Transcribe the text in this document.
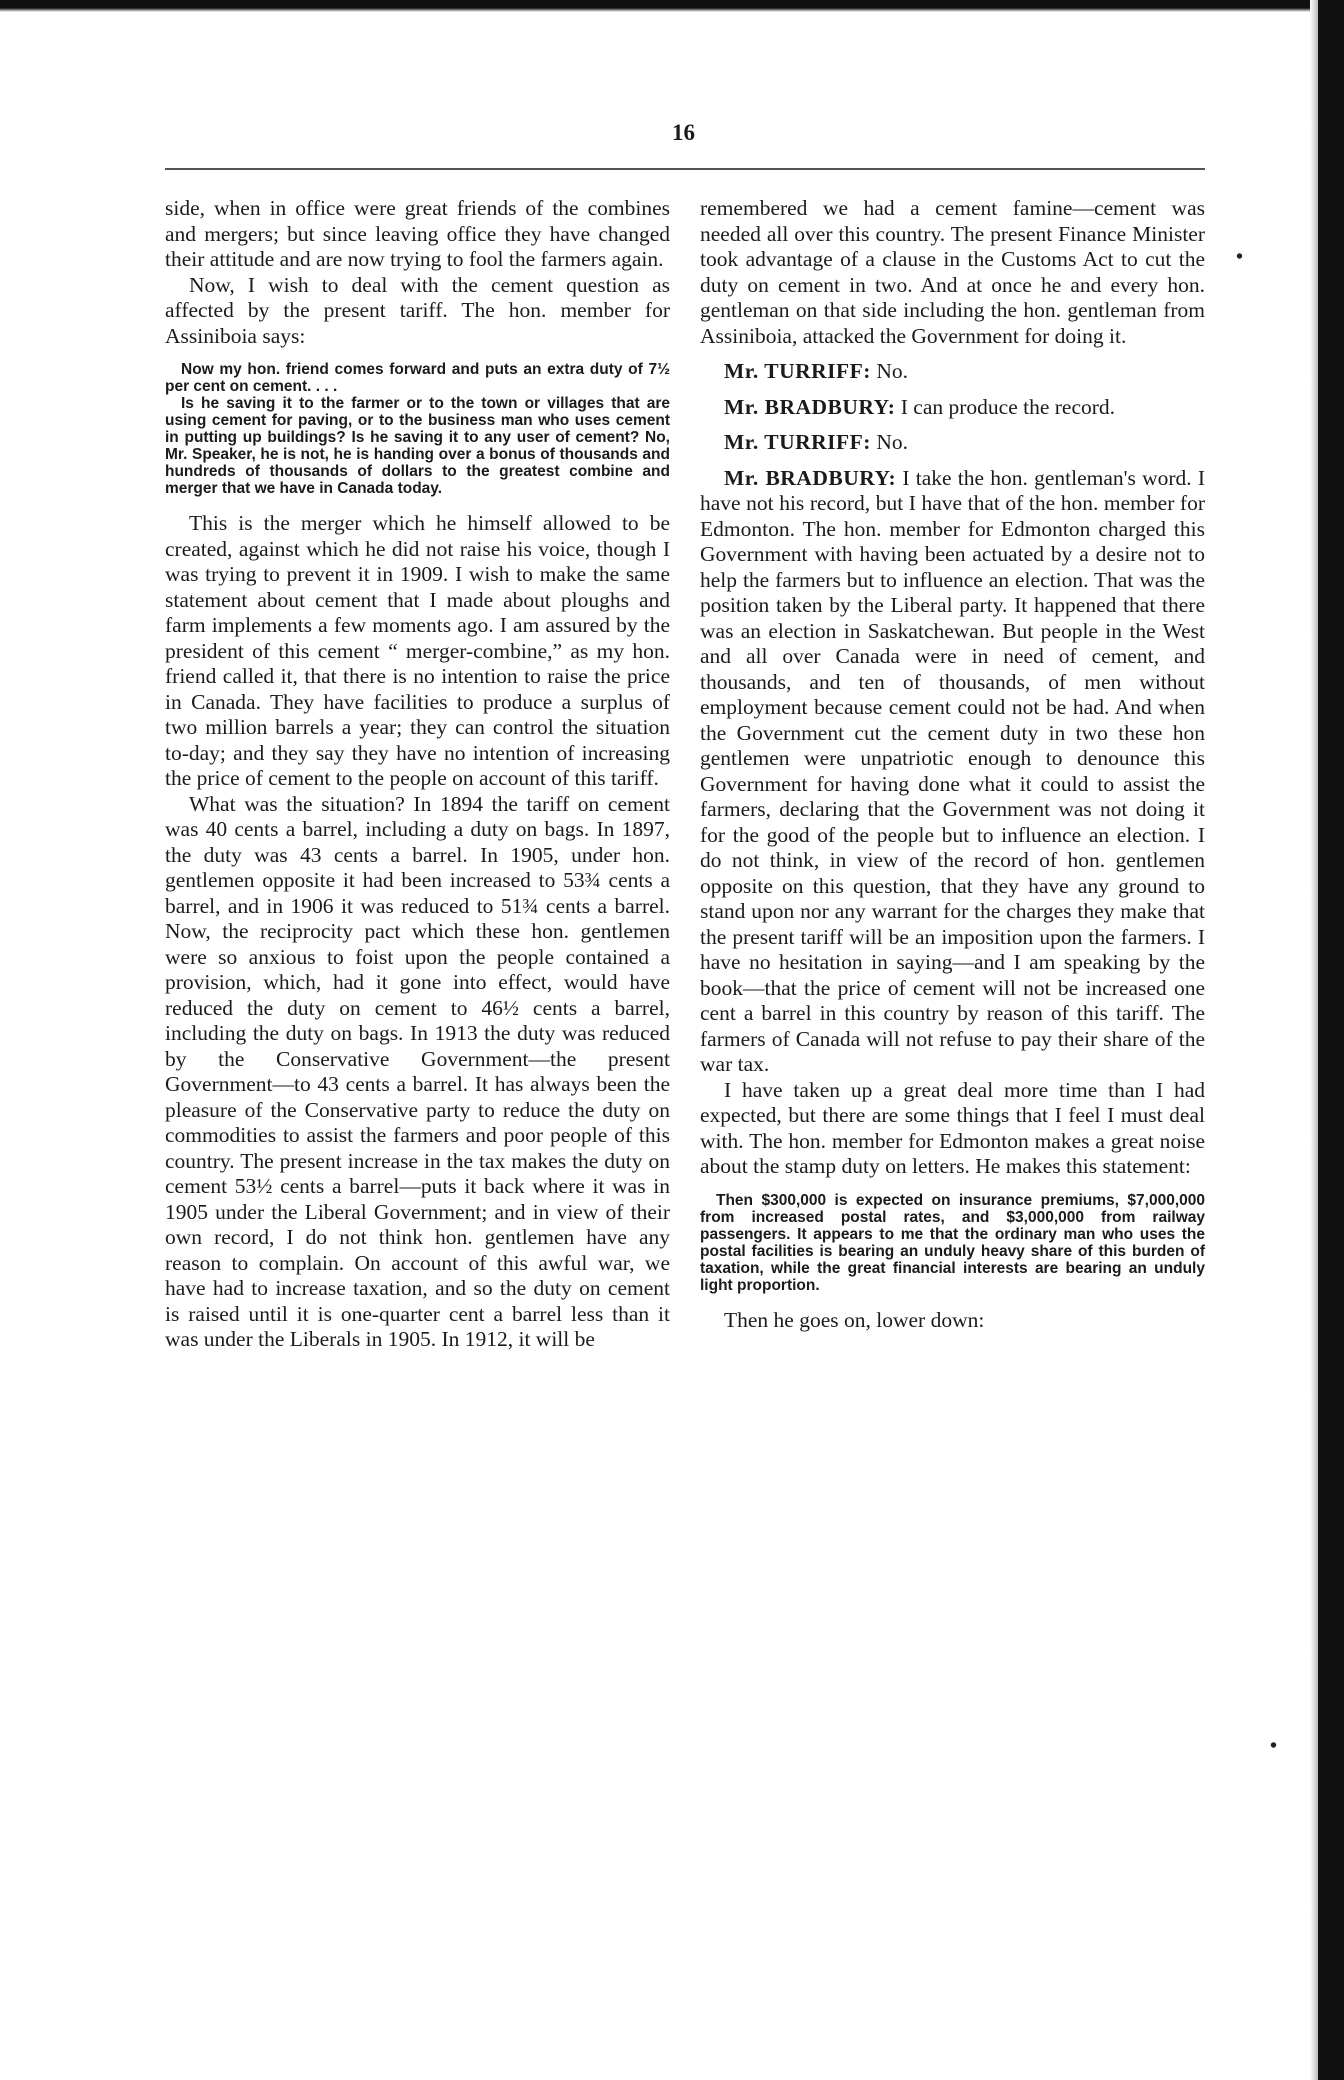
16

side, when in office were great friends of the combines and mergers; but since leaving office they have changed their attitude and are now trying to fool the farmers again.

Now, I wish to deal with the cement question as affected by the present tariff. The hon. member for Assiniboia says:

Now my hon. friend comes forward and puts an extra duty of 7½ per cent on cement. . . .

Is he saving it to the farmer or to the town or villages that are using cement for paving, or to the business man who uses cement in putting up buildings? Is he saving it to any user of cement? No, Mr. Speaker, he is not, he is handing over a bonus of thousands and hundreds of thousands of dollars to the greatest combine and merger that we have in Canada today.

This is the merger which he himself allowed to be created, against which he did not raise his voice, though I was trying to prevent it in 1909. I wish to make the same statement about cement that I made about ploughs and farm implements a few moments ago. I am assured by the president of this cement “ merger-combine,” as my hon. friend called it, that there is no intention to raise the price in Canada. They have facilities to produce a surplus of two million barrels a year; they can control the situation to-day; and they say they have no intention of increasing the price of cement to the people on account of this tariff.

What was the situation? In 1894 the tariff on cement was 40 cents a barrel, including a duty on bags. In 1897, the duty was 43 cents a barrel. In 1905, under hon. gentlemen opposite it had been increased to 53¾ cents a barrel, and in 1906 it was reduced to 51¾ cents a barrel. Now, the reciprocity pact which these hon. gentlemen were so anxious to foist upon the people contained a provision, which, had it gone into effect, would have reduced the duty on cement to 46½ cents a barrel, including the duty on bags. In 1913 the duty was reduced by the Conservative Government—the present Government—to 43 cents a barrel. It has always been the pleasure of the Conservative party to reduce the duty on commodities to assist the farmers and poor people of this country. The present increase in the tax makes the duty on cement 53½ cents a barrel—puts it back where it was in 1905 under the Liberal Government; and in view of their own record, I do not think hon. gentlemen have any reason to complain. On account of this awful war, we have had to increase taxation, and so the duty on cement is raised until it is one-quarter cent a barrel less than it was under the Liberals in 1905. In 1912, it will be

remembered we had a cement famine—cement was needed all over this country. The present Finance Minister took advantage of a clause in the Customs Act to cut the duty on cement in two. And at once he and every hon. gentleman on that side including the hon. gentleman from Assiniboia, attacked the Government for doing it.

Mr. TURRIFF: No.

Mr. BRADBURY: I can produce the record.

Mr. TURRIFF: No.

Mr. BRADBURY: I take the hon. gentleman's word. I have not his record, but I have that of the hon. member for Edmonton. The hon. member for Edmonton charged this Government with having been actuated by a desire not to help the farmers but to influence an election. That was the position taken by the Liberal party. It happened that there was an election in Saskatchewan. But people in the West and all over Canada were in need of cement, and thousands, and ten of thousands, of men without employment because cement could not be had. And when the Government cut the cement duty in two these hon gentlemen were unpatriotic enough to denounce this Government for having done what it could to assist the farmers, declaring that the Government was not doing it for the good of the people but to influence an election. I do not think, in view of the record of hon. gentlemen opposite on this question, that they have any ground to stand upon nor any warrant for the charges they make that the present tariff will be an imposition upon the farmers. I have no hesitation in saying—and I am speaking by the book—that the price of cement will not be increased one cent a barrel in this country by reason of this tariff. The farmers of Canada will not refuse to pay their share of the war tax.

I have taken up a great deal more time than I had expected, but there are some things that I feel I must deal with. The hon. member for Edmonton makes a great noise about the stamp duty on letters. He makes this statement:

Then $300,000 is expected on insurance premiums, $7,000,000 from increased postal rates, and $3,000,000 from railway passengers. It appears to me that the ordinary man who uses the postal facilities is bearing an unduly heavy share of this burden of taxation, while the great financial interests are bearing an unduly light proportion.

Then he goes on, lower down:

•
•
